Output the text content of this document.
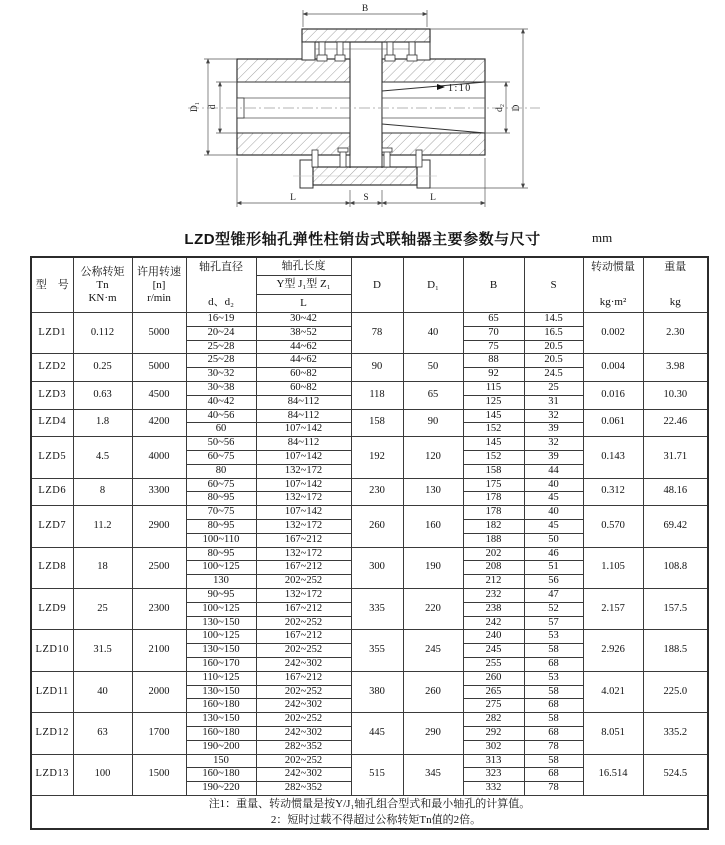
1:10
B
D
d₂
D₁ d
L	S	L
LZD型锥形轴孔弹性柱销齿式联轴器主要参数与尺寸	mm
型　号

公称转矩
Tn
KN·m

许用转速
[n]
r/min

轴孔直径
d、d₂

轴孔长度
Y型 J₁型 Z₁
L
	D	D₁	B	S	
转动惯量
kg·m²

重量
kg

LZD1	0.112	5000	16~19	30~42	78	40	65	14.5	0.002	2.30
			20~24	38~52			70	16.5		
			25~28	44~62			75	20.5		
LZD2	0.25	5000	25~28	44~62	90	50	88	20.5	0.004	3.98
			30~32	60~82			92	24.5		
LZD3	0.63	4500	30~38	60~82	118	65	115	25	0.016	10.30
			40~42	84~112			125	31		
LZD4	1.8	4200	40~56	84~112	158	90	145	32	0.061	22.46
			60	107~142			152	39		
LZD5	4.5	4000	50~56	84~112	192	120	145	32	0.143	31.71
			60~75	107~142			152	39		
			80	132~172			158	44		
LZD6	8	3300	60~75	107~142	230	130	175	40	0.312	48.16
			80~95	132~172			178	45		
LZD7	11.2	2900	70~75	107~142	260	160	178	40	0.570	69.42
			80~95	132~172			182	45		
			100~110	167~212			188	50		
LZD8	18	2500	80~95	132~172	300	190	202	46	1.105	108.8
			100~125	167~212			208	51		
			130	202~252			212	56		
LZD9	25	2300	90~95	132~172	335	220	232	47	2.157	157.5
			100~125	167~212			238	52		
			130~150	202~252			242	57		
LZD10	31.5	2100	100~125	167~212	355	245	240	53	2.926	188.5
			130~150	202~252			245	58		
			160~170	242~302			255	68		
LZD11	40	2000	110~125	167~212	380	260	260	53	4.021	225.0
			130~150	202~252			265	58		
			160~180	242~302			275	68		
LZD12	63	1700	130~150	202~252	445	290	282	58	8.051	335.2
			160~180	242~302			292	68		
			190~200	282~352			302	78		
LZD13	100	1500	150	202~252	515	345	313	58	16.514	524.5
			160~180	242~302			323	68		
			190~220	282~352			332	78		

注1：重量、转动惯量是按Y/J₁轴孔组合型式和最小轴孔的计算值。
2：短时过载不得超过公称转矩Tn值的2倍。										
